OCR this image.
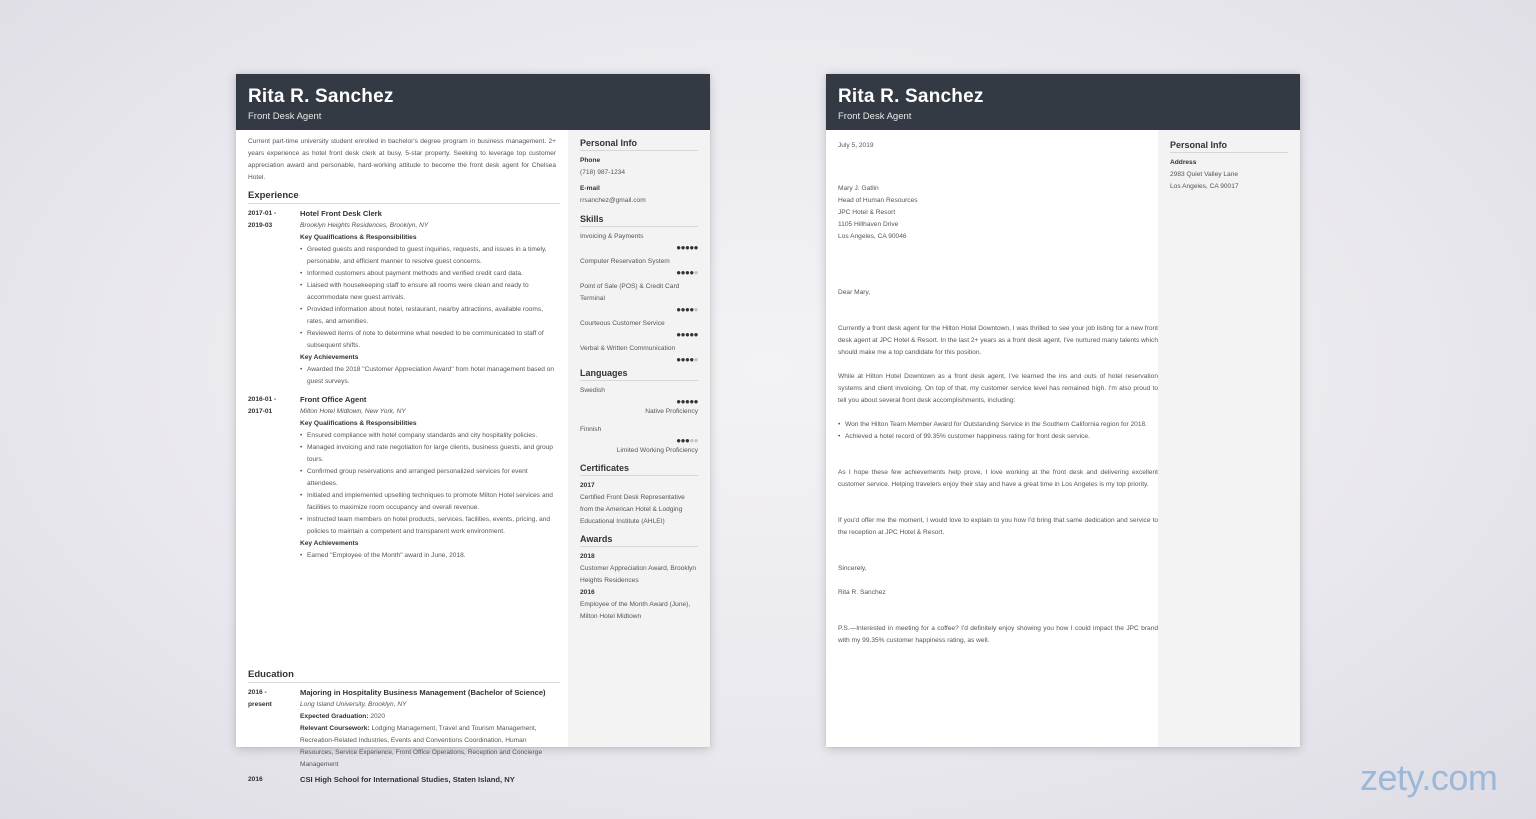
Rita R. Sanchez
Front Desk Agent
Current part-time university student enrolled in bachelor's degree program in business management. 2+ years experience as hotel front desk clerk at busy, 5-star property. Seeking to leverage top customer appreciation award and personable, hard-working attitude to become the front desk agent for Chelsea Hotel.
Experience
2017-01 -
2019-03
Hotel Front Desk Clerk
Brooklyn Heights Residences, Brooklyn, NY
Key Qualifications & Responsibilities
• Greeted guests and responded to guest inquiries, requests, and issues in a timely, personable, and efficient manner to resolve guest concerns.
• Informed customers about payment methods and verified credit card data.
• Liaised with housekeeping staff to ensure all rooms were clean and ready to accommodate new guest arrivals.
• Provided information about hotel, restaurant, nearby attractions, available rooms, rates, and amenities.
• Reviewed items of note to determine what needed to be communicated to staff of subsequent shifts.
Key Achievements
• Awarded the 2018 "Customer Appreciation Award" from hotel management based on guest surveys.
2016-01 -
2017-01
Front Office Agent
Milton Hotel Midtown, New York, NY
Key Qualifications & Responsibilities
• Ensured compliance with hotel company standards and city hospitality policies.
• Managed invoicing and rate negotiation for large clients, business guests, and group tours.
• Confirmed group reservations and arranged personalized services for event attendees.
• Initiated and implemented upselling techniques to promote Milton Hotel services and facilities to maximize room occupancy and overall revenue.
• Instructed team members on hotel products, services, facilities, events, pricing, and policies to maintain a competent and transparent work environment.
Key Achievements
• Earned "Employee of the Month" award in June, 2018.
Education
2016 -
present
Majoring in Hospitality Business Management (Bachelor of Science)
Long Island University, Brooklyn, NY
Expected Graduation: 2020
Relevant Coursework: Lodging Management, Travel and Tourism Management, Recreation-Related Industries, Events and Conventions Coordination, Human Resources, Service Experience, Front Office Operations, Reception and Concierge Management
2016	CSI High School for International Studies, Staten Island, NY
Personal Info
Phone
(718) 987-1234
E-mail
rrsanchez@gmail.com
Skills
Invoicing & Payments
●●●●●
Computer Reservation System
●●●●●
Point of Sale (POS) & Credit Card Terminal
●●●●●
Courteous Customer Service
●●●●●
Verbal & Written Communication
●●●●●
Languages
Swedish
●●●●●
Native Proficiency
Finnish
●●●●●
Limited Working Proficiency
Certificates
2017
Certified Front Desk Representative from the American Hotel & Lodging Educational Institute (AHLEI)
Awards
2018
Customer Appreciation Award, Brooklyn Heights Residences
2016
Employee of the Month Award (June), Milton Hotel Midtown
Rita R. Sanchez
Front Desk Agent
Personal Info
Address
2983 Quiet Valley Lane
Los Angeles, CA 90017
July 5, 2019
Mary J. Gatlin
Head of Human Resources
JPC Hotel & Resort
1105 Hillhaven Drive
Los Angeles, CA 90046
Dear Mary,
Currently a front desk agent for the Hilton Hotel Downtown, I was thrilled to see your job listing for a new front desk agent at JPC Hotel & Resort. In the last 2+ years as a front desk agent, I've nurtured many talents which should make me a top candidate for this position.
While at Hilton Hotel Downtown as a front desk agent, I've learned the ins and outs of hotel reservation systems and client invoicing. On top of that, my customer service level has remained high. I'm also proud to tell you about several front desk accomplishments, including:
• Won the Hilton Team Member Award for Outstanding Service in the Southern California region for 2018.
• Achieved a hotel record of 99.35% customer happiness rating for front desk service.
As I hope these few achievements help prove, I love working at the front desk and delivering excellent customer service. Helping travelers enjoy their stay and have a great time in Los Angeles is my top priority.
If you'd offer me the moment, I would love to explain to you how I'd bring that same dedication and service to the reception at JPC Hotel & Resort.
Sincerely,
Rita R. Sanchez
P.S.—Interested in meeting for a coffee? I'd definitely enjoy showing you how I could impact the JPC brand with my 99.35% customer happiness rating, as well.
zety.com
